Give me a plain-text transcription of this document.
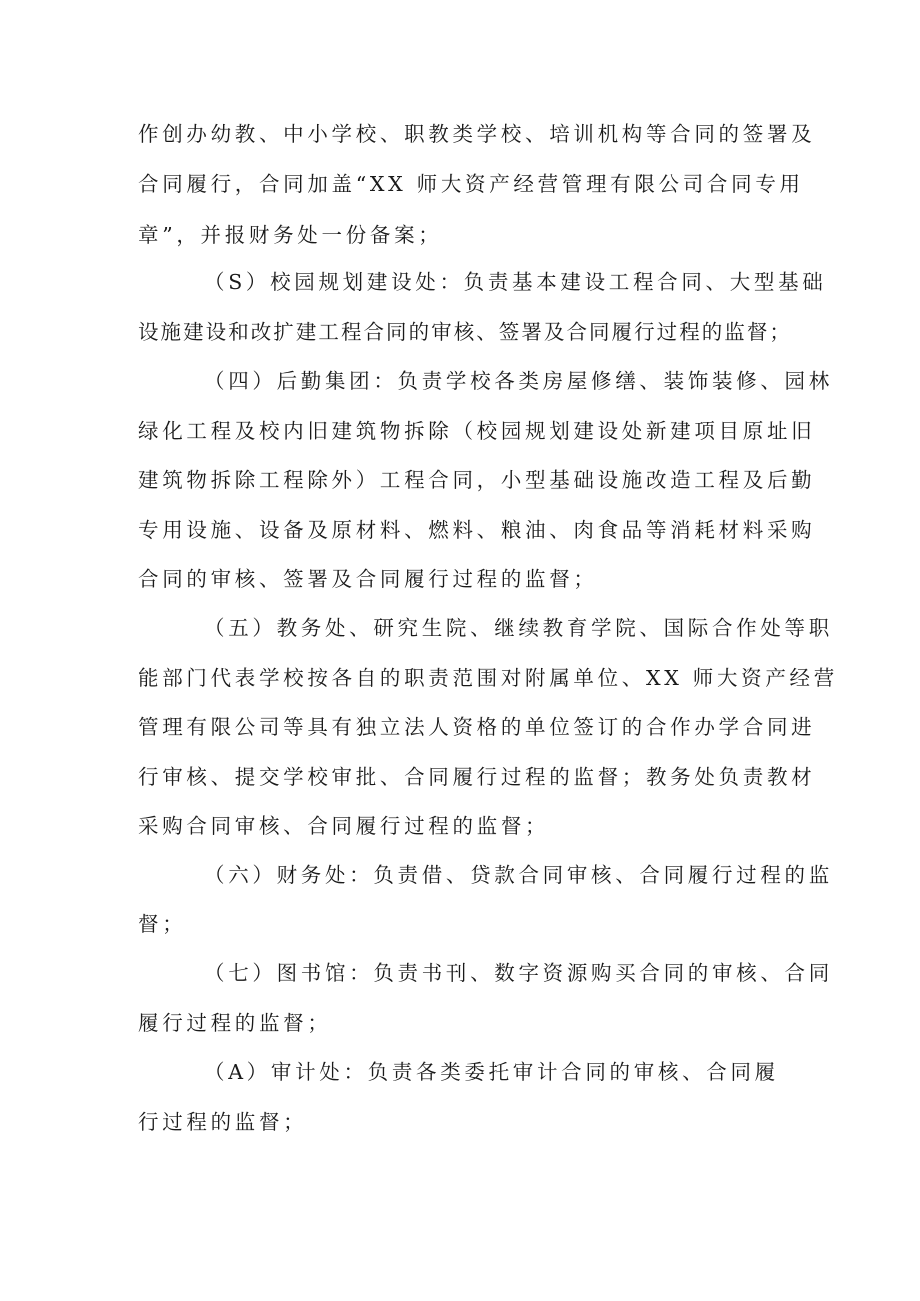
作创办幼教、中小学校、职教类学校、培训机构等合同的签署及
合同履行，合同加盖“XX 师大资产经营管理有限公司合同专用
章”，并报财务处一份备案；
（S）校园规划建设处：负责基本建设工程合同、大型基础
设施建设和改扩建工程合同的审核、签署及合同履行过程的监督；
（四）后勤集团：负责学校各类房屋修缮、装饰装修、园林
绿化工程及校内旧建筑物拆除（校园规划建设处新建项目原址旧
建筑物拆除工程除外）工程合同，小型基础设施改造工程及后勤
专用设施、设备及原材料、燃料、粮油、肉食品等消耗材料采购
合同的审核、签署及合同履行过程的监督；
（五）教务处、研究生院、继续教育学院、国际合作处等职
能部门代表学校按各自的职责范围对附属单位、XX 师大资产经营
管理有限公司等具有独立法人资格的单位签订的合作办学合同进
行审核、提交学校审批、合同履行过程的监督；教务处负责教材
采购合同审核、合同履行过程的监督；
（六）财务处：负责借、贷款合同审核、合同履行过程的监
督；
（七）图书馆：负责书刊、数字资源购买合同的审核、合同
履行过程的监督；
（A）审计处：负责各类委托审计合同的审核、合同履
行过程的监督；
